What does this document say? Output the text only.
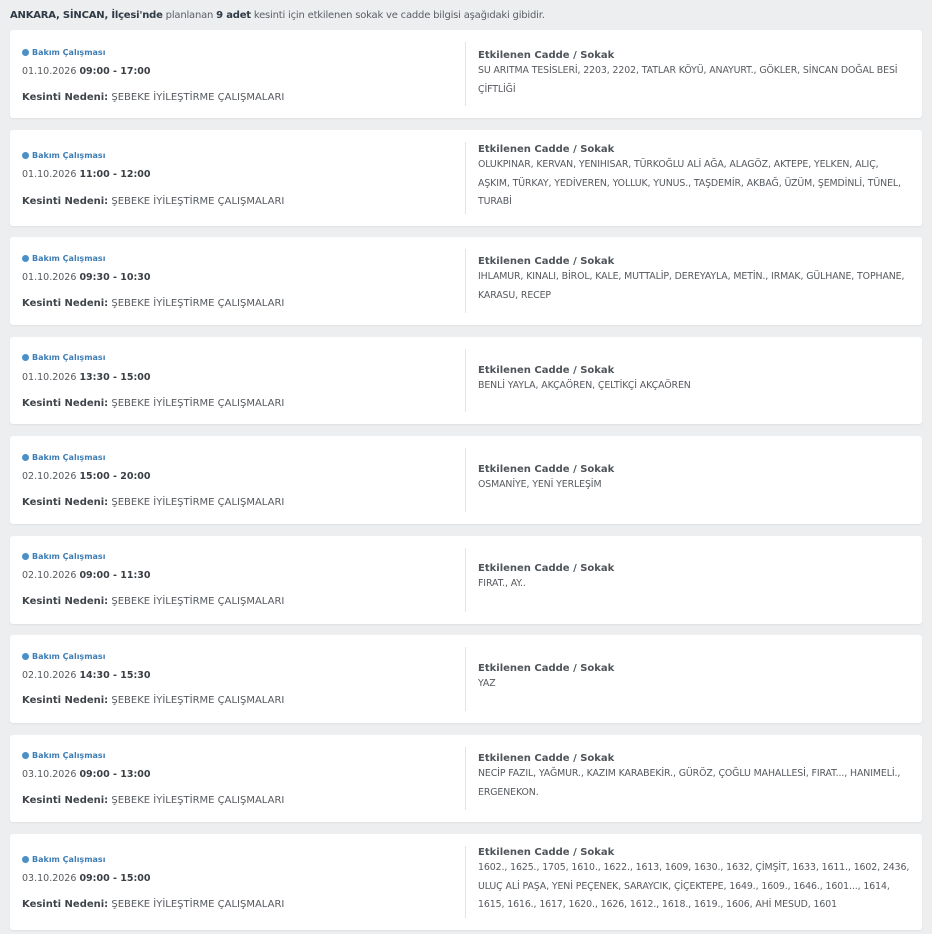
ANKARA, SİNCAN, İlçesi'nde planlanan 9 adet kesinti için etkilenen sokak ve cadde bilgisi aşağıdaki gibidir.
Bakım Çalışması
01.10.2026 09:00 - 17:00
Kesinti Nedeni: ŞEBEKE İYİLEŞTİRME ÇALIŞMALARI
Etkilenen Cadde / Sokak
SU ARITMA TESİSLERİ, 2203, 2202, TATLAR KÖYÜ, ANAYURT., GÖKLER, SİNCAN DOĞAL BESİ ÇİFTLİĞİ
Bakım Çalışması
01.10.2026 11:00 - 12:00
Kesinti Nedeni: ŞEBEKE İYİLEŞTİRME ÇALIŞMALARI
Etkilenen Cadde / Sokak
OLUKPINAR, KERVAN, YENIHISAR, TÜRKOĞLU ALİ AĞA, ALAGÖZ, AKTEPE, YELKEN, ALIÇ, AŞKIM, TÜRKAY, YEDİVEREN, YOLLUK, YUNUS., TAŞDEMİR, AKBAĞ, ÜZÜM, ŞEMDİNLİ, TÜNEL, TURABİ
Bakım Çalışması
01.10.2026 09:30 - 10:30
Kesinti Nedeni: ŞEBEKE İYİLEŞTİRME ÇALIŞMALARI
Etkilenen Cadde / Sokak
IHLAMUR, KINALI, BİROL, KALE, MUTTALİP, DEREYAYLA, METİN., IRMAK, GÜLHANE, TOPHANE, KARASU, RECEP
Bakım Çalışması
01.10.2026 13:30 - 15:00
Kesinti Nedeni: ŞEBEKE İYİLEŞTİRME ÇALIŞMALARI
Etkilenen Cadde / Sokak
BENLİ YAYLA, AKÇAÖREN, ÇELTİKÇİ AKÇAÖREN
Bakım Çalışması
02.10.2026 15:00 - 20:00
Kesinti Nedeni: ŞEBEKE İYİLEŞTİRME ÇALIŞMALARI
Etkilenen Cadde / Sokak
OSMANİYE, YENİ YERLEŞİM
Bakım Çalışması
02.10.2026 09:00 - 11:30
Kesinti Nedeni: ŞEBEKE İYİLEŞTİRME ÇALIŞMALARI
Etkilenen Cadde / Sokak
FIRAT., AY..
Bakım Çalışması
02.10.2026 14:30 - 15:30
Kesinti Nedeni: ŞEBEKE İYİLEŞTİRME ÇALIŞMALARI
Etkilenen Cadde / Sokak
YAZ
Bakım Çalışması
03.10.2026 09:00 - 13:00
Kesinti Nedeni: ŞEBEKE İYİLEŞTİRME ÇALIŞMALARI
Etkilenen Cadde / Sokak
NECİP FAZIL, YAĞMUR., KAZIM KARABEKİR., GÜRÖZ, ÇOĞLU MAHALLESİ, FIRAT..., HANIMELİ., ERGENEKON.
Bakım Çalışması
03.10.2026 09:00 - 15:00
Kesinti Nedeni: ŞEBEKE İYİLEŞTİRME ÇALIŞMALARI
Etkilenen Cadde / Sokak
1602., 1625., 1705, 1610., 1622., 1613, 1609, 1630., 1632, ÇİMŞİT, 1633, 1611., 1602, 2436, ULUÇ ALİ PAŞA, YENİ PEÇENEK, SARAYCIK, ÇİÇEKTEPE, 1649., 1609., 1646., 1601..., 1614, 1615, 1616., 1617, 1620., 1626, 1612., 1618., 1619., 1606, AHİ MESUD, 1601
